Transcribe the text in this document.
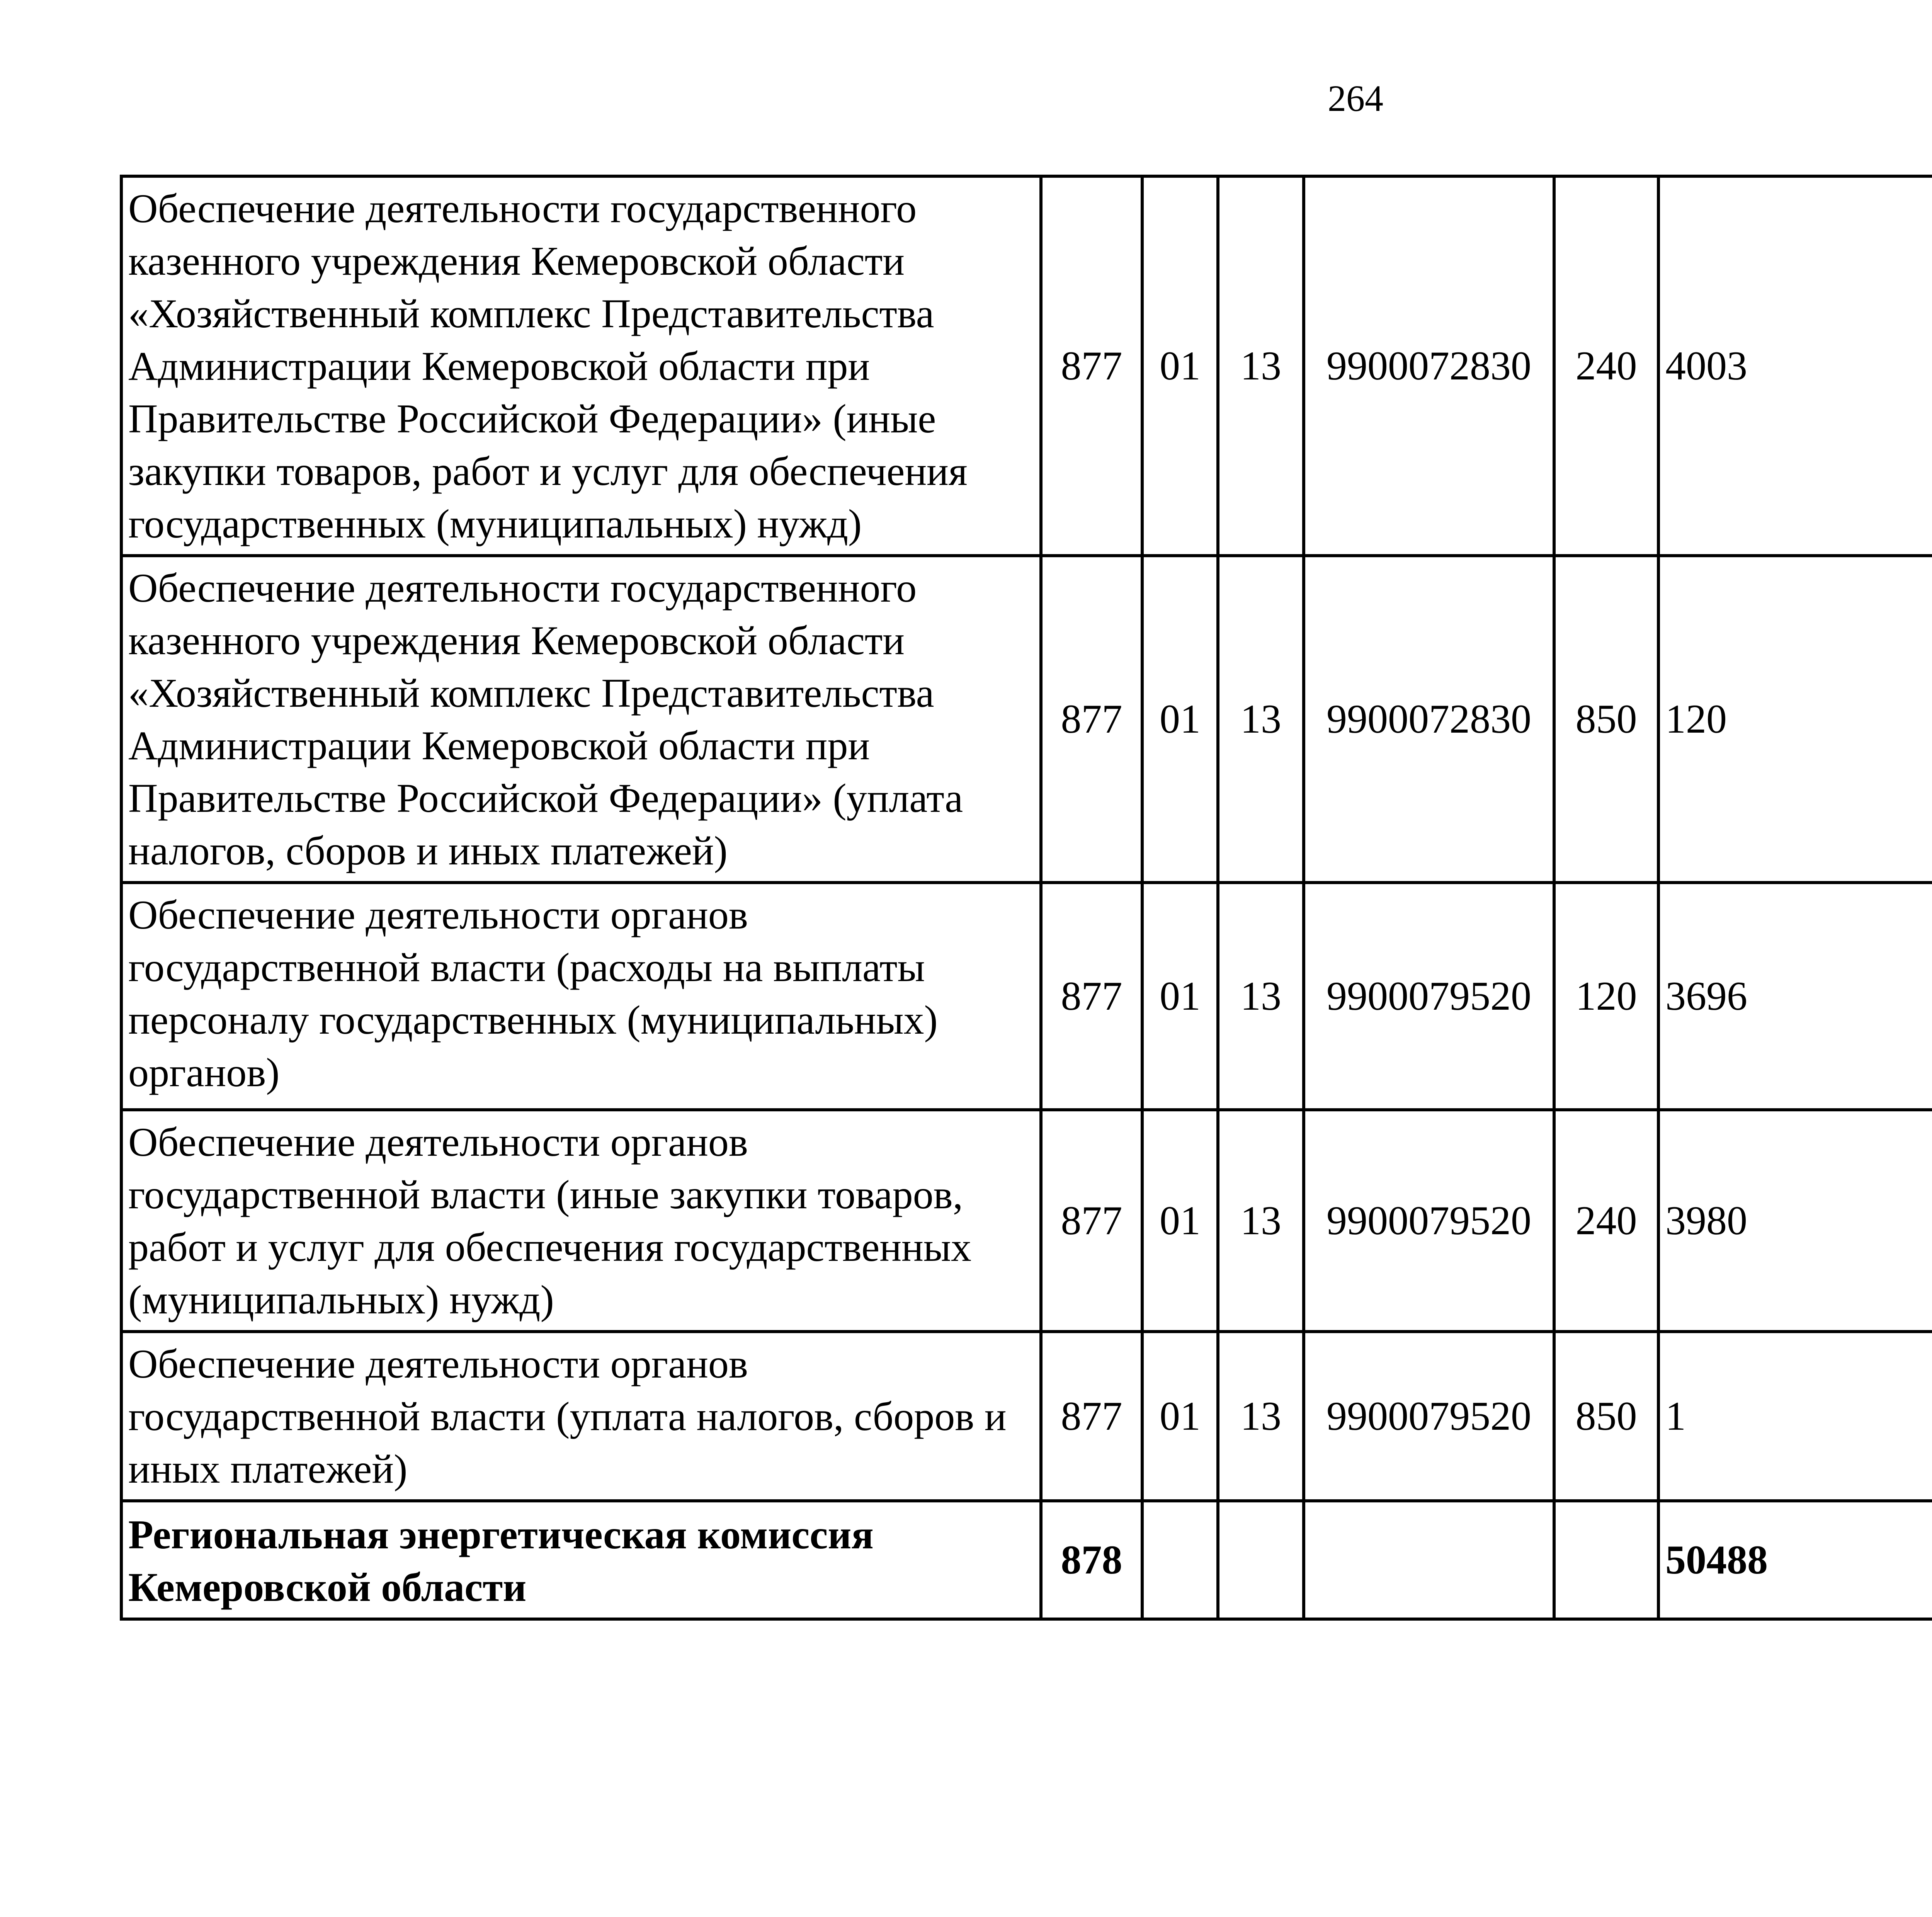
264
Обеспечение деятельности государственного казенного учреждения Кемеровской области «Хозяйственный комплекс Представительства Администрации Кемеровской области при Правительстве Российской Федерации» (иные закупки товаров, работ и услуг для обеспечения государственных (муниципальных) нужд)	877	01	13	9900072830	240	4003		
Обеспечение деятельности государственного казенного учреждения Кемеровской области «Хозяйственный комплекс Представительства Администрации Кемеровской области при Правительстве Российской Федерации» (уплата налогов, сборов и иных платежей)	877	01	13	9900072830	850	120		
Обеспечение деятельности органов государственной власти (расходы на выплаты персоналу государственных (муниципальных) органов)	877	01	13	9900079520	120	3696		
Обеспечение деятельности органов государственной власти (иные закупки товаров, работ и услуг для обеспечения государственных (муниципальных) нужд)	877	01	13	9900079520	240	3980		
Обеспечение деятельности органов государственной власти (уплата налогов, сборов и иных платежей)	877	01	13	9900079520	850	1		
Региональная энергетическая комиссия Кемеровской области	878					50488		
